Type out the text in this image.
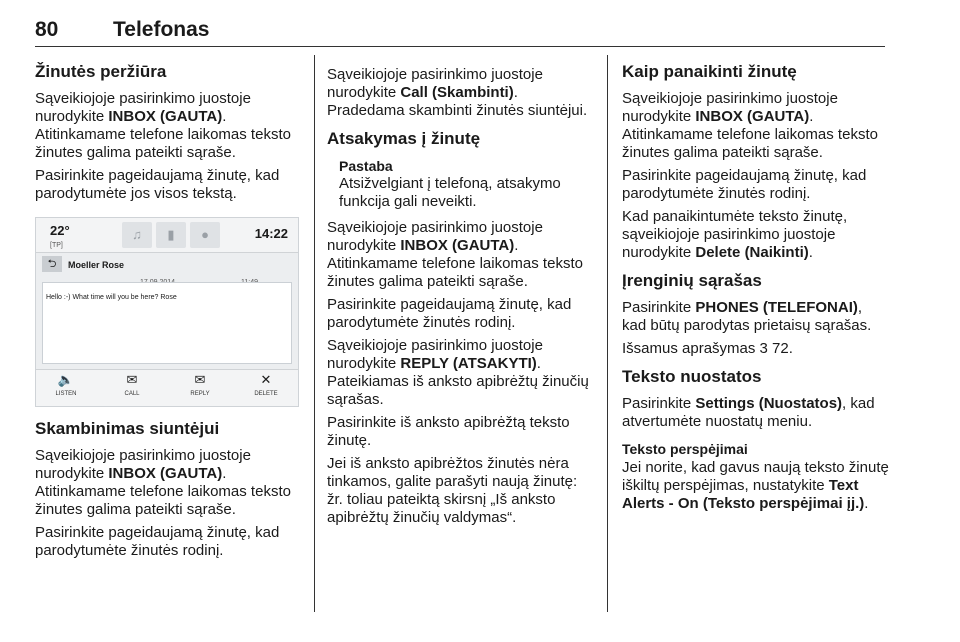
80	Telefonas
Žinutės peržiūra

Sąveikiojoje pasirinkimo juostoje nurodykite INBOX (GAUTA). Atitinkamame telefone laikomas teksto žinutes galima pateikti sąraše.

Pasirinkite pageidaujamą žinutę, kad parodytumėte jos visos tekstą.

22°
[TP]
♫	▮	●	14:22
⮌	Moeller Rose
Hello :-) What time will you be here? Rose
🔈
LISTEN
✉
CALL
✉
REPLY
✕
DELETE
Skambinimas siuntėjui

Sąveikiojoje pasirinkimo juostoje nurodykite INBOX (GAUTA). Atitinkamame telefone laikomas teksto žinutes galima pateikti sąraše.

Pasirinkite pageidaujamą žinutę, kad parodytumėte žinutės rodinį.

Sąveikiojoje pasirinkimo juostoje nurodykite Call (Skambinti). Pradedama skambinti žinutės siuntėjui.

Atsakymas į žinutę
Pastaba
Atsižvelgiant į telefoną, atsakymo funkcija gali neveikti.

Sąveikiojoje pasirinkimo juostoje nurodykite INBOX (GAUTA). Atitinkamame telefone laikomas teksto žinutes galima pateikti sąraše.

Pasirinkite pageidaujamą žinutę, kad parodytumėte žinutės rodinį.

Sąveikiojoje pasirinkimo juostoje nurodykite REPLY (ATSAKYTI). Pateikiamas iš anksto apibrėžtų žinučių sąrašas.

Pasirinkite iš anksto apibrėžtą teksto žinutę.

Jei iš anksto apibrėžtos žinutės nėra tinkamos, galite parašyti naują žinutę: žr. toliau pateiktą skirsnį „Iš anksto apibrėžtų žinučių valdymas“.

Kaip panaikinti žinutę

Sąveikiojoje pasirinkimo juostoje nurodykite INBOX (GAUTA). Atitinkamame telefone laikomas teksto žinutes galima pateikti sąraše.

Pasirinkite pageidaujamą žinutę, kad parodytumėte žinutės rodinį.

Kad panaikintumėte teksto žinutę, sąveikiojoje pasirinkimo juostoje nurodykite Delete (Naikinti).

Įrenginių sąrašas

Pasirinkite PHONES (TELEFONAI), kad būtų parodytas prietaisų sąrašas.

Išsamus aprašymas 3 72.

Teksto nuostatos

Pasirinkite Settings (Nuostatos), kad atvertumėte nuostatų meniu.

Teksto perspėjimai

Jei norite, kad gavus naują teksto žinutę iškiltų perspėjimas, nustatykite Text Alerts - On (Teksto perspėjimai įj.).
